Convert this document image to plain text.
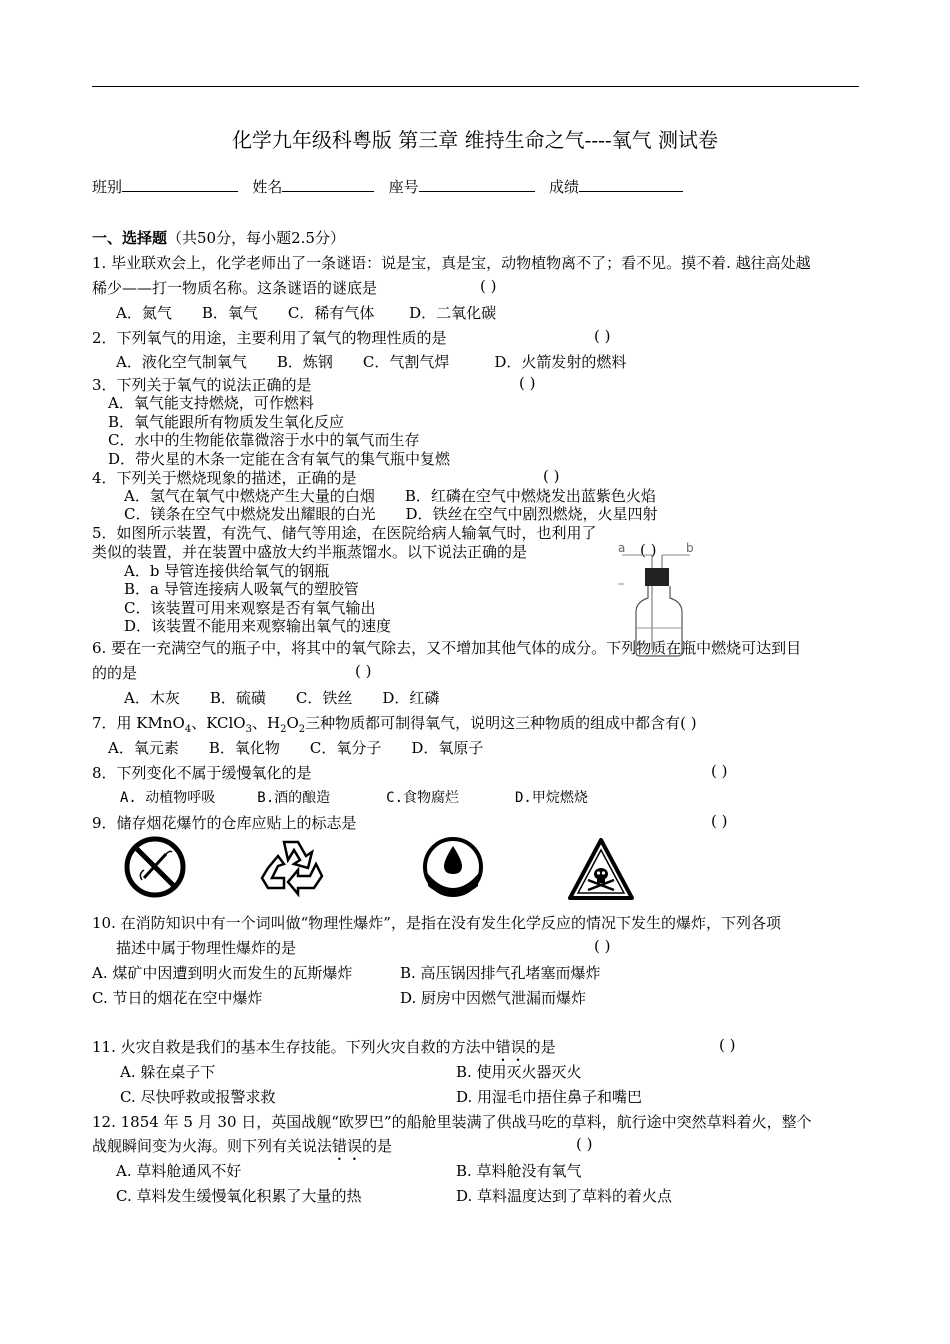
化学九年级科粤版 第三章 维持生命之气----氧气 测试卷
班别	姓名	座号	成绩
一、选择题（共50分，每小题2.5分）
1. 毕业联欢会上，化学老师出了一条谜语：说是宝，真是宝，动物植物离不了；看不见。摸不着. 越往高处越
稀少——打一物质名称。这条谜语的谜底是	( )
A．氮气　　B．氧气　　C．稀有气体　　 D．二氧化碳
2．下列氧气的用途，主要利用了氧气的物理性质的是	( )
A．液化空气制氧气　　B．炼钢　　C．气割气焊　　　D．火箭发射的燃料
3．下列关于氧气的说法正确的是	( )
A．氧气能支持燃烧，可作燃料
B．氧气能跟所有物质发生氧化反应
C．水中的生物能依靠微溶于水中的氧气而生存
D．带火星的木条一定能在含有氧气的集气瓶中复燃
4．下列关于燃烧现象的描述，正确的是	( )
A．氢气在氧气中燃烧产生大量的白烟　　B．红磷在空气中燃烧发出蓝紫色火焰
C．镁条在空气中燃烧发出耀眼的白光　　D．铁丝在空气中剧烈燃烧，火星四射
5．如图所示装置，有洗气、储气等用途，在医院给病人输氧气时，也利用了
类似的装置，并在装置中盛放大约半瓶蒸馏水。以下说法正确的是	( )
A．b 导管连接供给氧气的钢瓶
B．a 导管连接病人吸氧气的塑胶管
C．该装置可用来观察是否有氧气输出
D．该装置不能用来观察输出氧气的速度
a	b
6. 要在一充满空气的瓶子中，将其中的氧气除去，又不增加其他气体的成分。下列物质在瓶中燃烧可达到目
的的是	( )
A．木灰　　B．硫磺　　C．铁丝　　D．红磷
7．用 KMnO$_4$、KClO$_3$、$H_2O_2$三种物质都可制得氧气，说明这三种物质的组成中都含有( )
A．氧元素　　B．氧化物　　C．氧分子　　D．氧原子
8．下列变化不属于缓慢氧化的是	( )
A. 动植物呼吸　　　B.酒的酿造　　　　C.食物腐烂　　　　D.甲烷燃烧
9．储存烟花爆竹的仓库应贴上的标志是	( )
10. 在消防知识中有一个词叫做“物理性爆炸”，是指在没有发生化学反应的情况下发生的爆炸，下列各项
描述中属于物理性爆炸的是	( )
A. 煤矿中因遭到明火而发生的瓦斯爆炸	B. 高压锅因排气孔堵塞而爆炸
C. 节日的烟花在空中爆炸	D. 厨房中因燃气泄漏而爆炸
11. 火灾自救是我们的基本生存技能。下列火灾自救的方法中错误的是	( )
A. 躲在桌子下	B. 使用灭火器灭火
C. 尽快呼救或报警求救	D. 用湿毛巾捂住鼻子和嘴巴
12. 1854 年 5 月 30 日，英国战舰“欧罗巴”的船舱里装满了供战马吃的草料，航行途中突然草料着火，整个
战舰瞬间变为火海。则下列有关说法错误的是	( )
A. 草料舱通风不好	B. 草料舱没有氧气
C. 草料发生缓慢氧化积累了大量的热	D. 草料温度达到了草料的着火点
